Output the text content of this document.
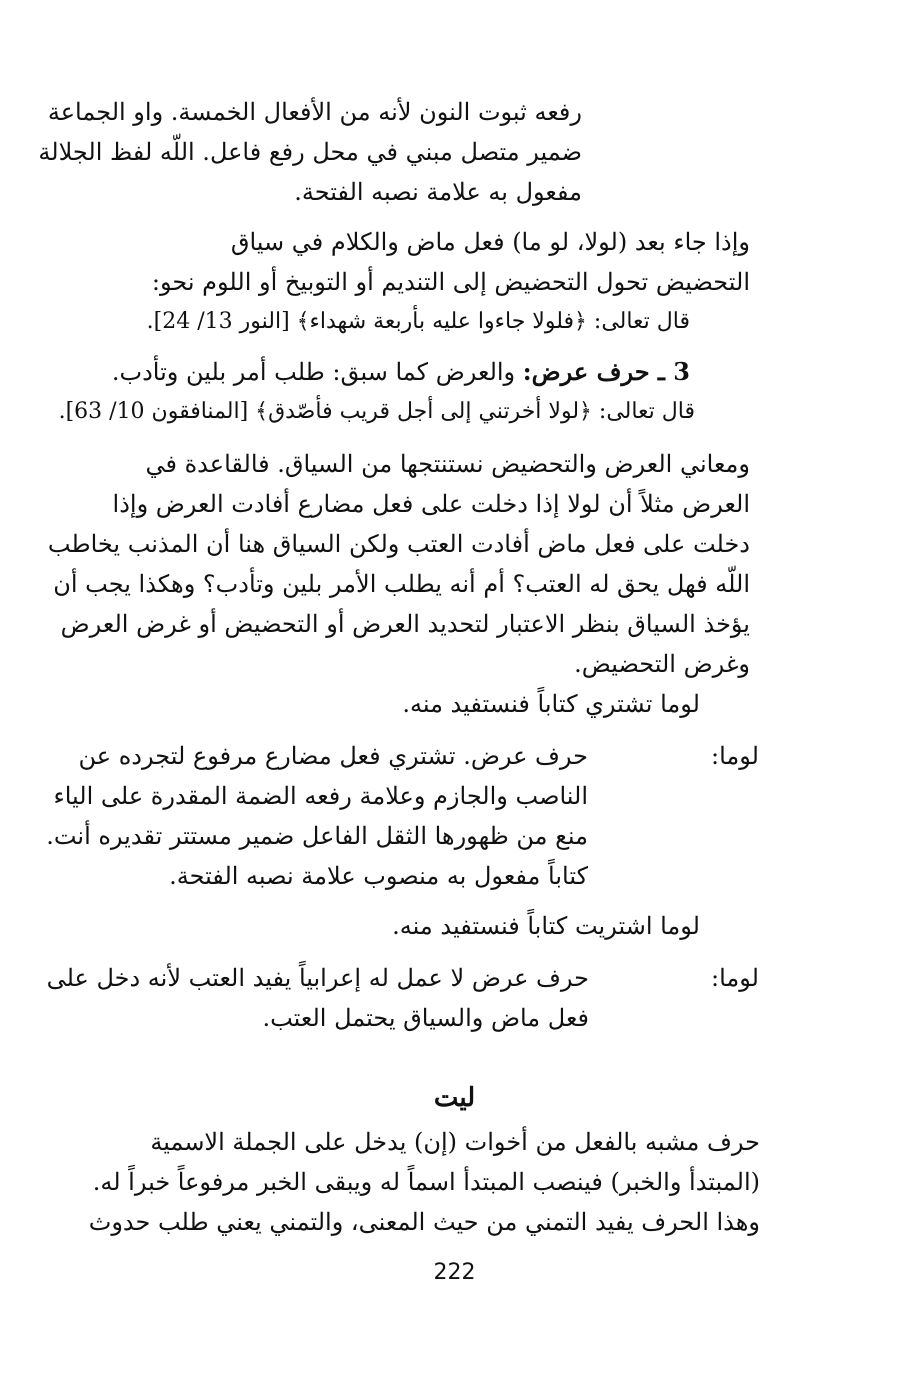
رفعه ثبوت النون لأنه من الأفعال الخمسة. واو الجماعة
ضمير متصل مبني في محل رفع فاعل. اللّه لفظ الجلالة
مفعول به علامة نصبه الفتحة.
وإذا جاء بعد (لولا، لو ما) فعل ماض والكلام في سياق
التحضيض تحول التحضيض إلى التنديم أو التوبيخ أو اللوم نحو:
قال تعالى: ﴿فلولا جاءوا عليه بأربعة شهداء﴾ [النور 13/ 24].
3 ـ حرف عرض: والعرض كما سبق: طلب أمر بلين وتأدب.
قال تعالى: ﴿لولا أخرتني إلى أجل قريب فأصّدق﴾ [المنافقون 10/ 63].
ومعاني العرض والتحضيض نستنتجها من السياق. فالقاعدة في
العرض مثلاً أن لولا إذا دخلت على فعل مضارع أفادت العرض وإذا
دخلت على فعل ماض أفادت العتب ولكن السياق هنا أن المذنب يخاطب
اللّه فهل يحق له العتب؟ أم أنه يطلب الأمر بلين وتأدب؟ وهكذا يجب أن
يؤخذ السياق بنظر الاعتبار لتحديد العرض أو التحضيض أو غرض العرض
وغرض التحضيض.
لوما تشتري كتاباً فنستفيد منه.
لوما:
حرف عرض. تشتري فعل مضارع مرفوع لتجرده عن
الناصب والجازم وعلامة رفعه الضمة المقدرة على الياء
منع من ظهورها الثقل الفاعل ضمير مستتر تقديره أنت.
كتاباً مفعول به منصوب علامة نصبه الفتحة.
لوما اشتريت كتاباً فنستفيد منه.
لوما:
حرف عرض لا عمل له إعرابياً يفيد العتب لأنه دخل على
فعل ماض والسياق يحتمل العتب.
ليت
حرف مشبه بالفعل من أخوات (إن) يدخل على الجملة الاسمية
(المبتدأ والخبر) فينصب المبتدأ اسماً له ويبقى الخبر مرفوعاً خبراً له.
وهذا الحرف يفيد التمني من حيث المعنى، والتمني يعني طلب حدوث
222
